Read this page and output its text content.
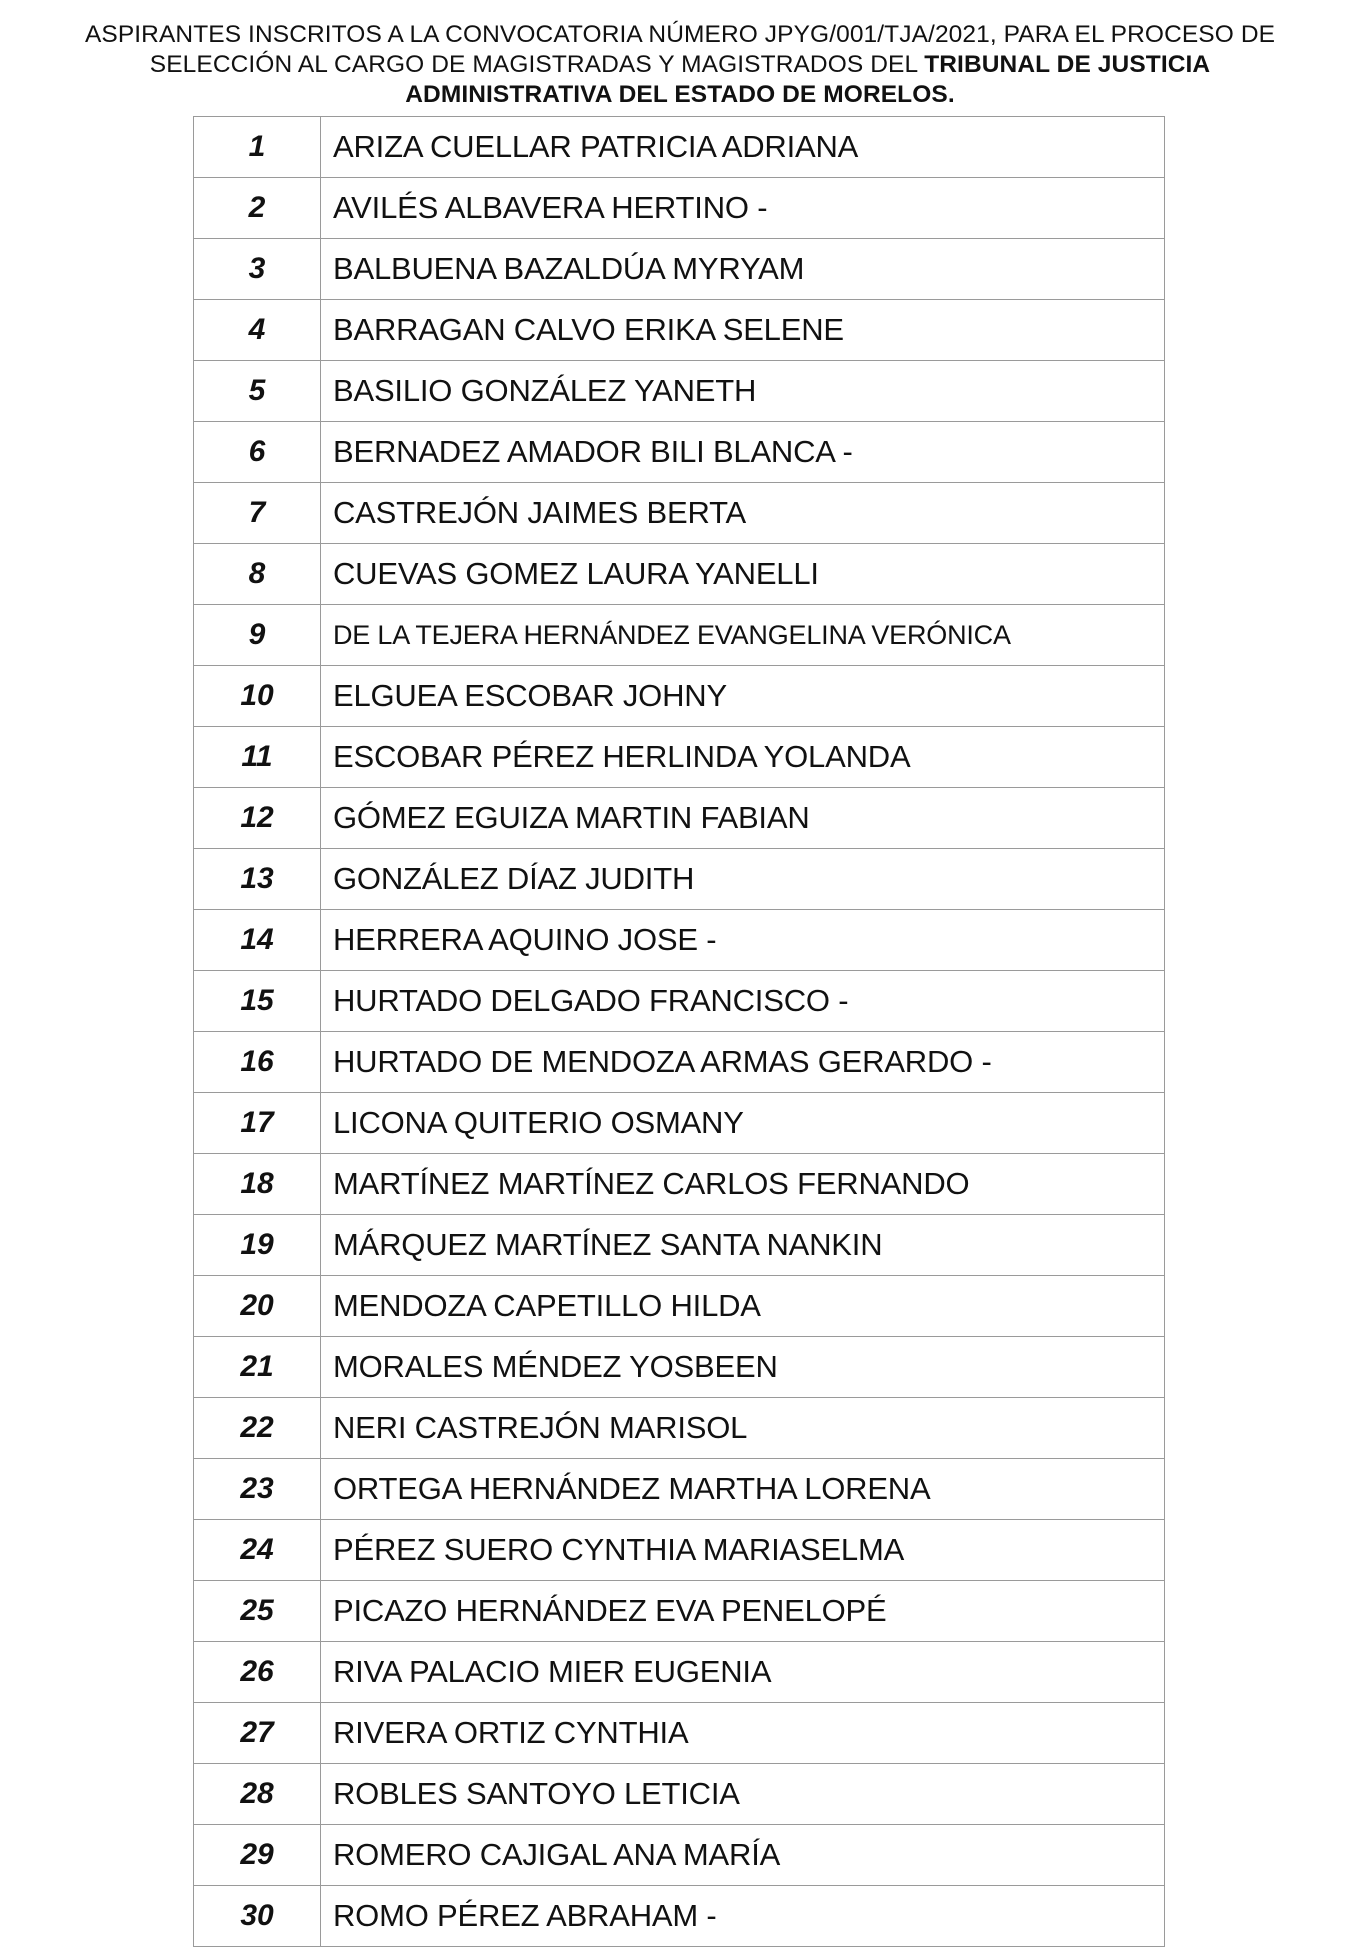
ASPIRANTES INSCRITOS A LA CONVOCATORIA NÚMERO JPYG/001/TJA/2021, PARA EL PROCESO DE
SELECCIÓN AL CARGO DE MAGISTRADAS Y MAGISTRADOS DEL TRIBUNAL DE JUSTICIA
ADMINISTRATIVA DEL ESTADO DE MORELOS.
1	ARIZA CUELLAR PATRICIA ADRIANA
2	AVILÉS ALBAVERA HERTINO -
3	BALBUENA BAZALDÚA MYRYAM
4	BARRAGAN CALVO ERIKA SELENE
5	BASILIO GONZÁLEZ YANETH
6	BERNADEZ AMADOR BILI BLANCA -
7	CASTREJÓN JAIMES BERTA
8	CUEVAS GOMEZ LAURA YANELLI
9	DE LA TEJERA HERNÁNDEZ EVANGELINA VERÓNICA
10	ELGUEA ESCOBAR JOHNY
11	ESCOBAR PÉREZ HERLINDA YOLANDA
12	GÓMEZ EGUIZA MARTIN FABIAN
13	GONZÁLEZ DÍAZ JUDITH
14	HERRERA AQUINO JOSE -
15	HURTADO DELGADO FRANCISCO -
16	HURTADO DE MENDOZA ARMAS GERARDO -
17	LICONA QUITERIO OSMANY
18	MARTÍNEZ MARTÍNEZ CARLOS FERNANDO
19	MÁRQUEZ MARTÍNEZ SANTA NANKIN
20	MENDOZA CAPETILLO HILDA
21	MORALES MÉNDEZ YOSBEEN
22	NERI CASTREJÓN MARISOL
23	ORTEGA HERNÁNDEZ MARTHA LORENA
24	PÉREZ SUERO CYNTHIA MARIASELMA
25	PICAZO HERNÁNDEZ EVA PENELOPÉ
26	RIVA PALACIO MIER EUGENIA
27	RIVERA ORTIZ CYNTHIA
28	ROBLES SANTOYO LETICIA
29	ROMERO CAJIGAL ANA MARÍA
30	ROMO PÉREZ ABRAHAM -
